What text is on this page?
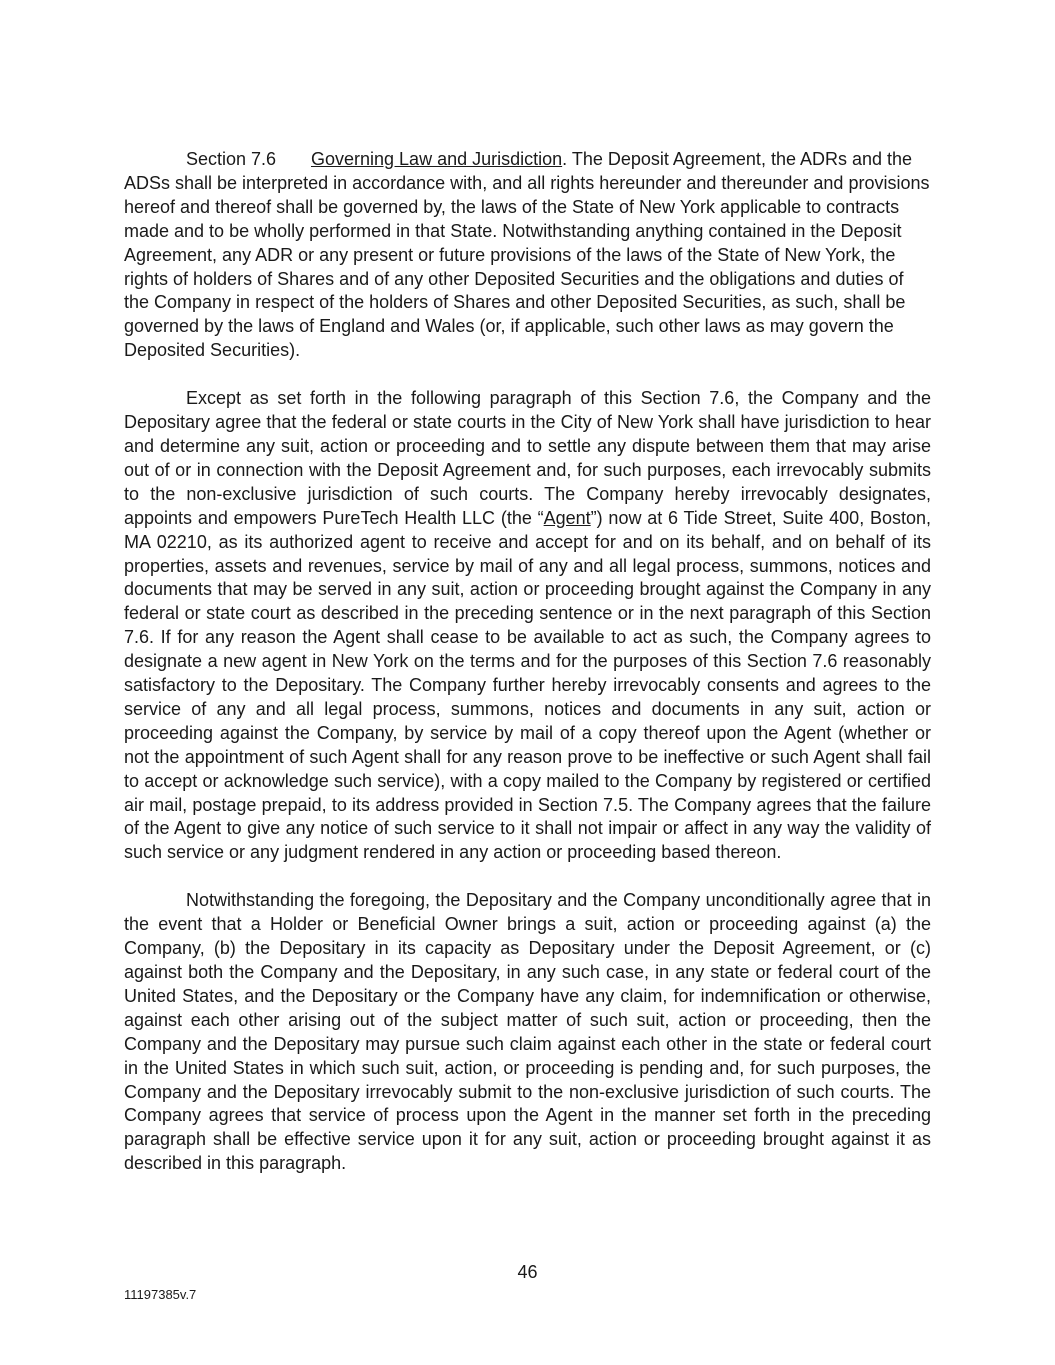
Section 7.6 Governing Law and Jurisdiction. The Deposit Agreement, the ADRs and the ADSs shall be interpreted in accordance with, and all rights hereunder and thereunder and provisions hereof and thereof shall be governed by, the laws of the State of New York applicable to contracts made and to be wholly performed in that State. Notwithstanding anything contained in the Deposit Agreement, any ADR or any present or future provisions of the laws of the State of New York, the rights of holders of Shares and of any other Deposited Securities and the obligations and duties of the Company in respect of the holders of Shares and other Deposited Securities, as such, shall be governed by the laws of England and Wales (or, if applicable, such other laws as may govern the Deposited Securities).

Except as set forth in the following paragraph of this Section 7.6, the Company and the Depositary agree that the federal or state courts in the City of New York shall have jurisdiction to hear and determine any suit, action or proceeding and to settle any dispute between them that may arise out of or in connection with the Deposit Agreement and, for such purposes, each irrevocably submits to the non-exclusive jurisdiction of such courts. The Company hereby irrevocably designates, appoints and empowers PureTech Health LLC (the “Agent”) now at 6 Tide Street, Suite 400, Boston, MA 02210, as its authorized agent to receive and accept for and on its behalf, and on behalf of its properties, assets and revenues, service by mail of any and all legal process, summons, notices and documents that may be served in any suit, action or proceeding brought against the Company in any federal or state court as described in the preceding sentence or in the next paragraph of this Section 7.6. If for any reason the Agent shall cease to be available to act as such, the Company agrees to designate a new agent in New York on the terms and for the purposes of this Section 7.6 reasonably satisfactory to the Depositary. The Company further hereby irrevocably consents and agrees to the service of any and all legal process, summons, notices and documents in any suit, action or proceeding against the Company, by service by mail of a copy thereof upon the Agent (whether or not the appointment of such Agent shall for any reason prove to be ineffective or such Agent shall fail to accept or acknowledge such service), with a copy mailed to the Company by registered or certified air mail, postage prepaid, to its address provided in Section 7.5. The Company agrees that the failure of the Agent to give any notice of such service to it shall not impair or affect in any way the validity of such service or any judgment rendered in any action or proceeding based thereon.

Notwithstanding the foregoing, the Depositary and the Company unconditionally agree that in the event that a Holder or Beneficial Owner brings a suit, action or proceeding against (a) the Company, (b) the Depositary in its capacity as Depositary under the Deposit Agreement, or (c) against both the Company and the Depositary, in any such case, in any state or federal court of the United States, and the Depositary or the Company have any claim, for indemnification or otherwise, against each other arising out of the subject matter of such suit, action or proceeding, then the Company and the Depositary may pursue such claim against each other in the state or federal court in the United States in which such suit, action, or proceeding is pending and, for such purposes, the Company and the Depositary irrevocably submit to the non-exclusive jurisdiction of such courts. The Company agrees that service of process upon the Agent in the manner set forth in the preceding paragraph shall be effective service upon it for any suit, action or proceeding brought against it as described in this paragraph.

46
11197385v.7
